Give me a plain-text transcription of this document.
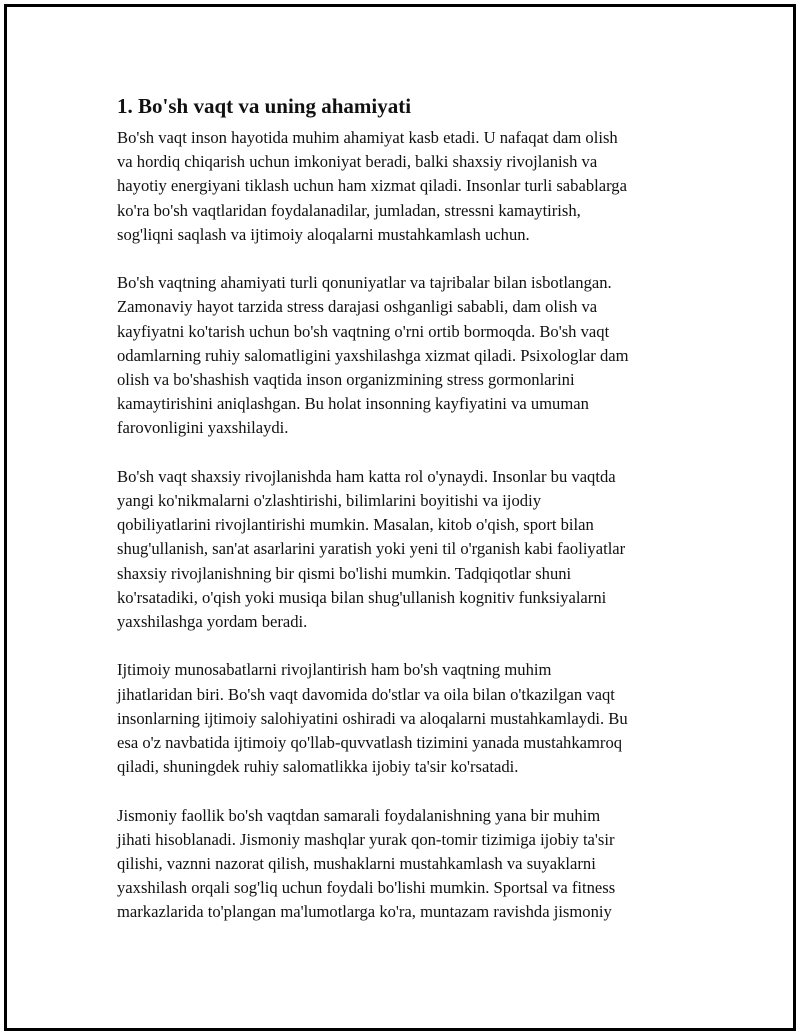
1. Bo'sh vaqt va uning ahamiyati
Bo'sh vaqt inson hayotida muhim ahamiyat kasb etadi. U nafaqat dam olish
va hordiq chiqarish uchun imkoniyat beradi, balki shaxsiy rivojlanish va
hayotiy energiyani tiklash uchun ham xizmat qiladi. Insonlar turli sabablarga
ko'ra bo'sh vaqtlaridan foydalanadilar, jumladan, stressni kamaytirish,
sog'liqni saqlash va ijtimoiy aloqalarni mustahkamlash uchun.
Bo'sh vaqtning ahamiyati turli qonuniyatlar va tajribalar bilan isbotlangan.
Zamonaviy hayot tarzida stress darajasi oshganligi sababli, dam olish va
kayfiyatni ko'tarish uchun bo'sh vaqtning o'rni ortib bormoqda. Bo'sh vaqt
odamlarning ruhiy salomatligini yaxshilashga xizmat qiladi. Psixologlar dam
olish va bo'shashish vaqtida inson organizmining stress gormonlarini
kamaytirishini aniqlashgan. Bu holat insonning kayfiyatini va umuman
farovonligini yaxshilaydi.
Bo'sh vaqt shaxsiy rivojlanishda ham katta rol o'ynaydi. Insonlar bu vaqtda
yangi ko'nikmalarni o'zlashtirishi, bilimlarini boyitishi va ijodiy
qobiliyatlarini rivojlantirishi mumkin. Masalan, kitob o'qish, sport bilan
shug'ullanish, san'at asarlarini yaratish yoki yeni til o'rganish kabi faoliyatlar
shaxsiy rivojlanishning bir qismi bo'lishi mumkin. Tadqiqotlar shuni
ko'rsatadiki, o'qish yoki musiqa bilan shug'ullanish kognitiv funksiyalarni
yaxshilashga yordam beradi.
Ijtimoiy munosabatlarni rivojlantirish ham bo'sh vaqtning muhim
jihatlaridan biri. Bo'sh vaqt davomida do'stlar va oila bilan o'tkazilgan vaqt
insonlarning ijtimoiy salohiyatini oshiradi va aloqalarni mustahkamlaydi. Bu
esa o'z navbatida ijtimoiy qo'llab-quvvatlash tizimini yanada mustahkamroq
qiladi, shuningdek ruhiy salomatlikka ijobiy ta'sir ko'rsatadi.
Jismoniy faollik bo'sh vaqtdan samarali foydalanishning yana bir muhim
jihati hisoblanadi. Jismoniy mashqlar yurak qon-tomir tizimiga ijobiy ta'sir
qilishi, vaznni nazorat qilish, mushaklarni mustahkamlash va suyaklarni
yaxshilash orqali sog'liq uchun foydali bo'lishi mumkin. Sportsal va fitness
markazlarida to'plangan ma'lumotlarga ko'ra, muntazam ravishda jismoniy
